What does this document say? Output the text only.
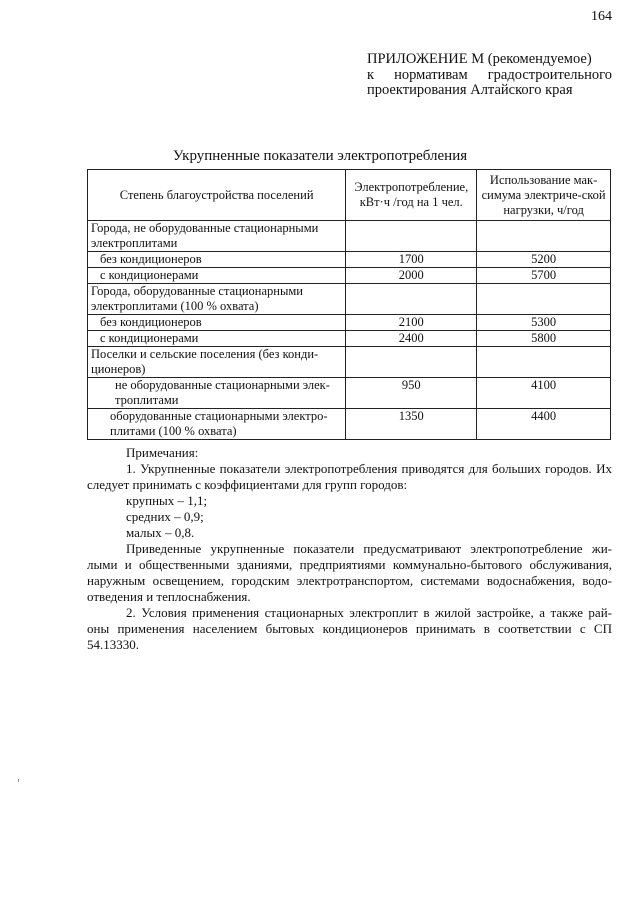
164
ПРИЛОЖЕНИЕ М (рекомендуемое)
к нормативам градостроительного
проектирования Алтайского края
Укрупненные показатели электропотребления
Степень благоустройства поселений	Электропотребление, кВт·ч /год на 1 чел.	Использование мак-симума электриче-ской нагрузки, ч/год
Города, не оборудованные стационарными электроплитами		
без кондиционеров	1700	5200
с кондиционерами	2000	5700
Города, оборудованные стационарными электроплитами (100 % охвата)		
без кондиционеров	2100	5300
с кондиционерами	2400	5800
Поселки и сельские поселения (без конди-ционеров)		
не оборудованные стационарными элек-троплитами	950	4100
оборудованные стационарными электро-плитами (100 % охвата)	1350	4400

Примечания:

1. Укрупненные показатели электропотребления приводятся для больших городов. Их следует принимать с коэффициентами для групп городов:

крупных – 1,1;

средних – 0,9;

малых – 0,8.

Приведенные укрупненные показатели предусматривают электропотребление жи-лыми и общественными зданиями, предприятиями коммунально-бытового обслуживания, наружным освещением, городским электротранспортом, системами водоснабжения, водо-отведения и теплоснабжения.

2. Условия применения стационарных электроплит в жилой застройке, а также рай-оны применения населением бытовых кондиционеров принимать в соответствии с СП 54.13330.
